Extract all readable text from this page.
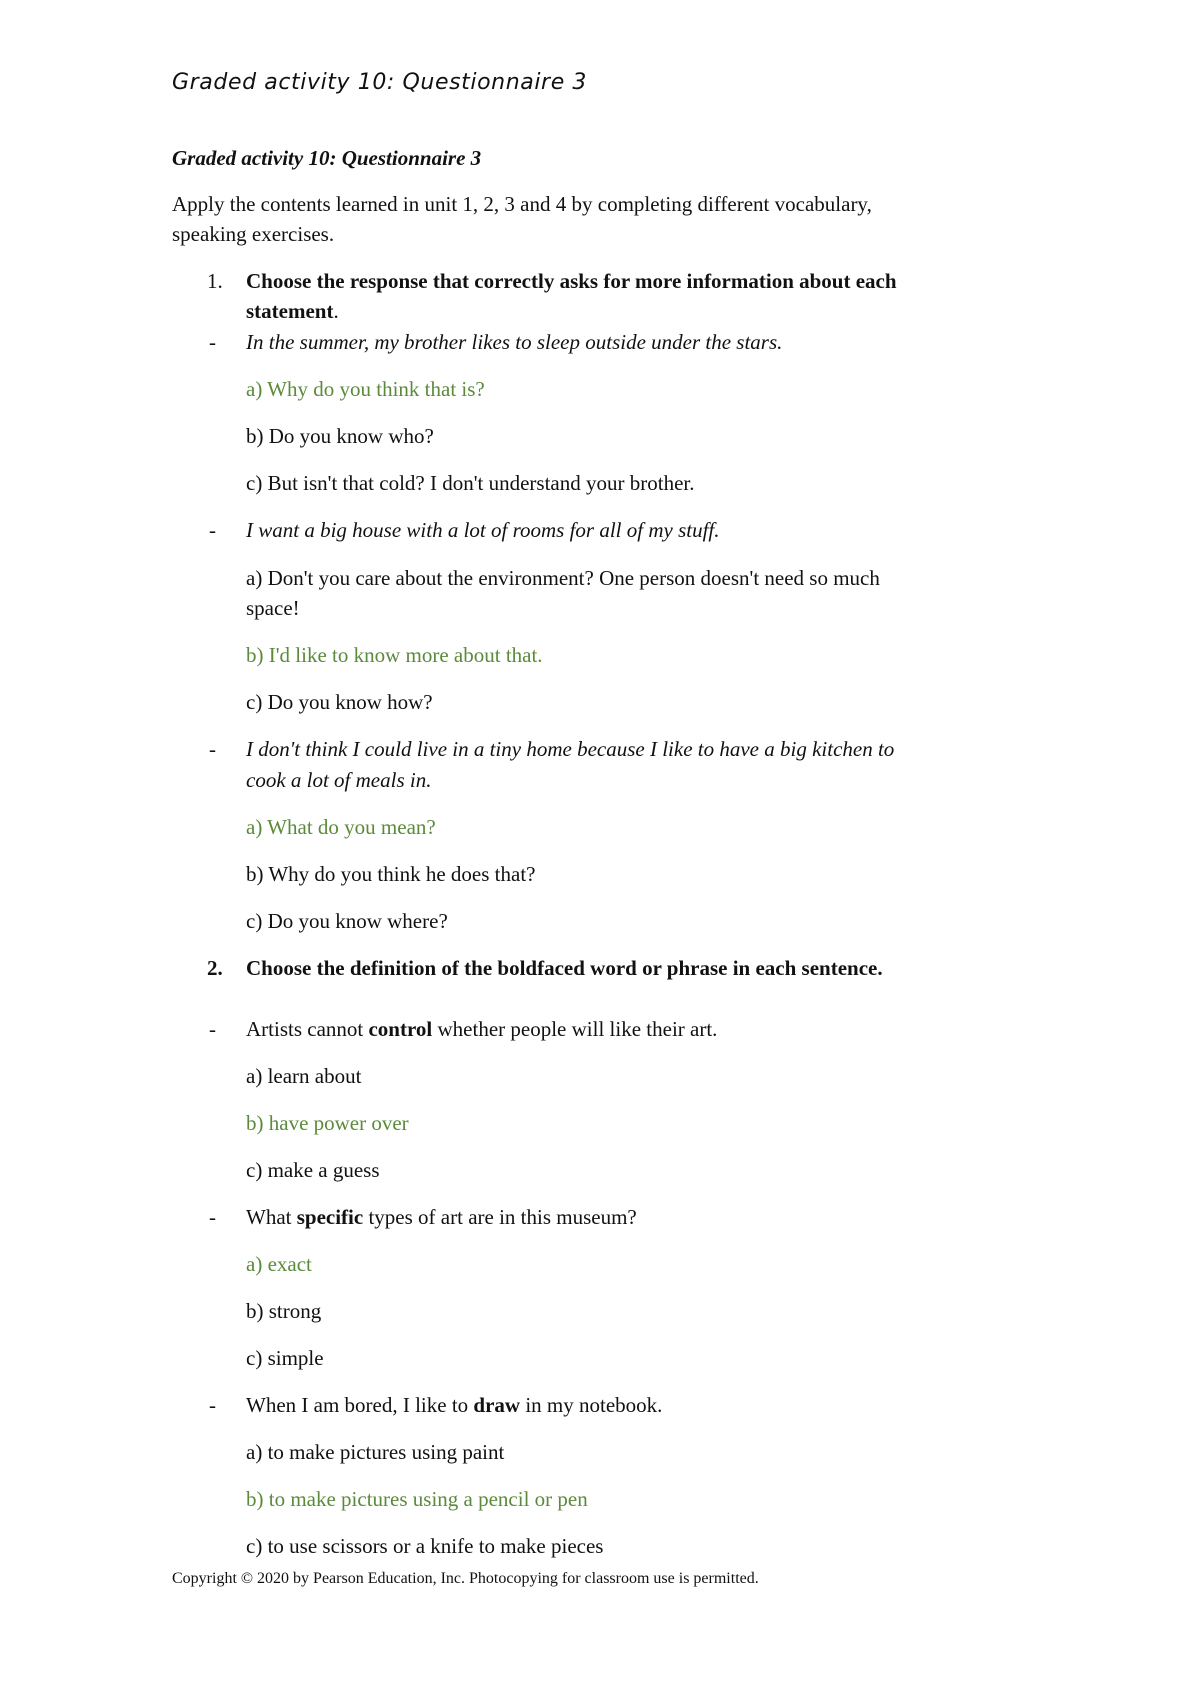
Graded activity 10: Questionnaire 3

Graded activity 10: Questionnaire 3

Apply the contents learned in unit 1, 2, 3 and 4 by completing different vocabulary,

speaking exercises.

1. Choose the response that correctly asks for more information about each

statement.

- In the summer, my brother likes to sleep outside under the stars.

a) Why do you think that is?

b) Do you know who?

c) But isn't that cold? I don't understand your brother.

- I want a big house with a lot of rooms for all of my stuff.

a) Don't you care about the environment? One person doesn't need so much

space!

b) I'd like to know more about that.

c) Do you know how?

- I don't think I could live in a tiny home because I like to have a big kitchen to

cook a lot of meals in.

a) What do you mean?

b) Why do you think he does that?

c) Do you know where?

2. Choose the definition of the boldfaced word or phrase in each sentence.

- Artists cannot control whether people will like their art.

a) learn about

b) have power over

c) make a guess

- What specific types of art are in this museum?

a) exact

b) strong

c) simple

- When I am bored, I like to draw in my notebook.

a) to make pictures using paint

b) to make pictures using a pencil or pen

c) to use scissors or a knife to make pieces

Copyright © 2020 by Pearson Education, Inc. Photocopying for classroom use is permitted.
